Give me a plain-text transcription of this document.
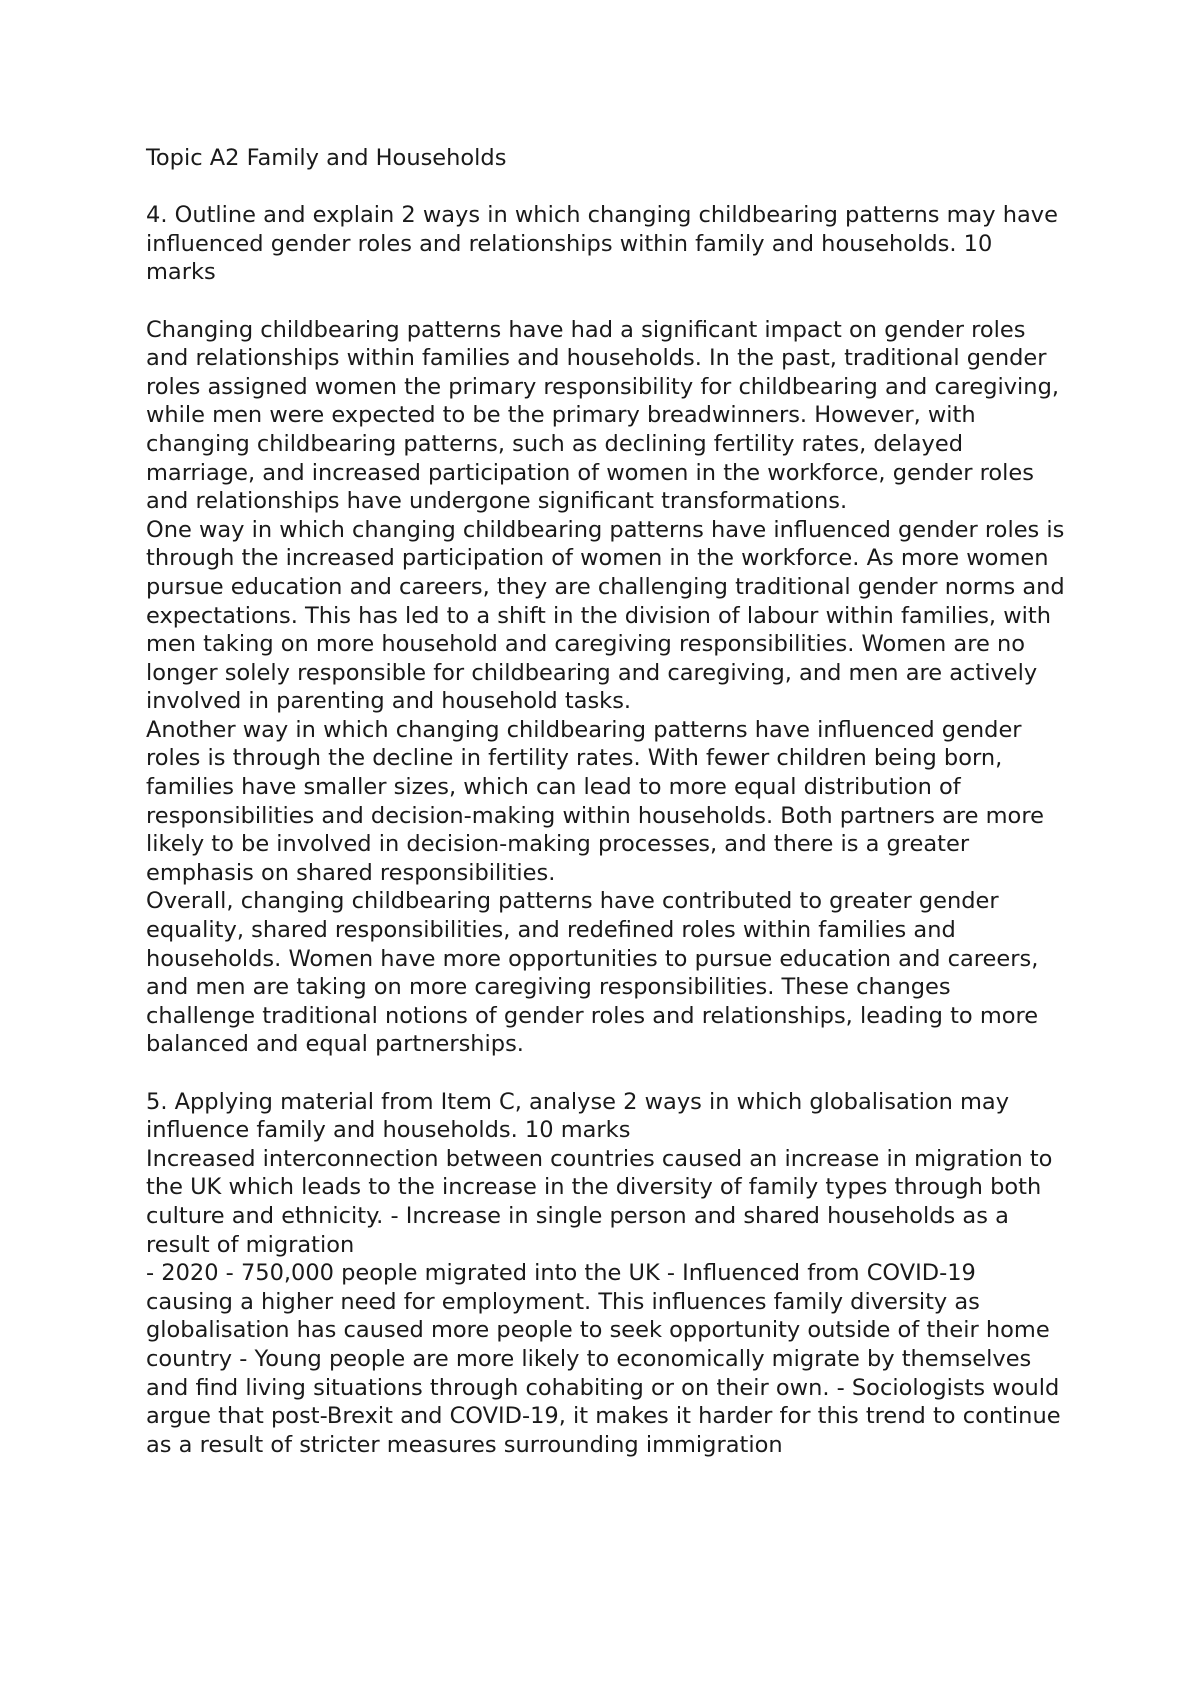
Topic A2 Family and Households

4. Outline and explain 2 ways in which changing childbearing patterns may have influenced gender roles and relationships within family and households. 10 marks

Changing childbearing patterns have had a significant impact on gender roles and relationships within families and households. In the past, traditional gender roles assigned women the primary responsibility for childbearing and caregiving, while men were expected to be the primary breadwinners. However, with changing childbearing patterns, such as declining fertility rates, delayed marriage, and increased participation of women in the workforce, gender roles and relationships have undergone significant transformations.

One way in which changing childbearing patterns have influenced gender roles is through the increased participation of women in the workforce. As more women pursue education and careers, they are challenging traditional gender norms and expectations. This has led to a shift in the division of labour within families, with men taking on more household and caregiving responsibilities. Women are no longer solely responsible for childbearing and caregiving, and men are actively involved in parenting and household tasks.

Another way in which changing childbearing patterns have influenced gender roles is through the decline in fertility rates. With fewer children being born, families have smaller sizes, which can lead to more equal distribution of responsibilities and decision-making within households. Both partners are more likely to be involved in decision-making processes, and there is a greater emphasis on shared responsibilities.

Overall, changing childbearing patterns have contributed to greater gender equality, shared responsibilities, and redefined roles within families and households. Women have more opportunities to pursue education and careers, and men are taking on more caregiving responsibilities. These changes challenge traditional notions of gender roles and relationships, leading to more balanced and equal partnerships.

5. Applying material from Item C, analyse 2 ways in which globalisation may influence family and households. 10 marks

Increased interconnection between countries caused an increase in migration to the UK which leads to the increase in the diversity of family types through both culture and ethnicity. - Increase in single person and shared households as a result of migration

- 2020 - 750,000 people migrated into the UK - Influenced from COVID-19 causing a higher need for employment. This influences family diversity as globalisation has caused more people to seek opportunity outside of their home country - Young people are more likely to economically migrate by themselves and find living situations through cohabiting or on their own. - Sociologists would argue that post-Brexit and COVID-19, it makes it harder for this trend to continue as a result of stricter measures surrounding immigration
